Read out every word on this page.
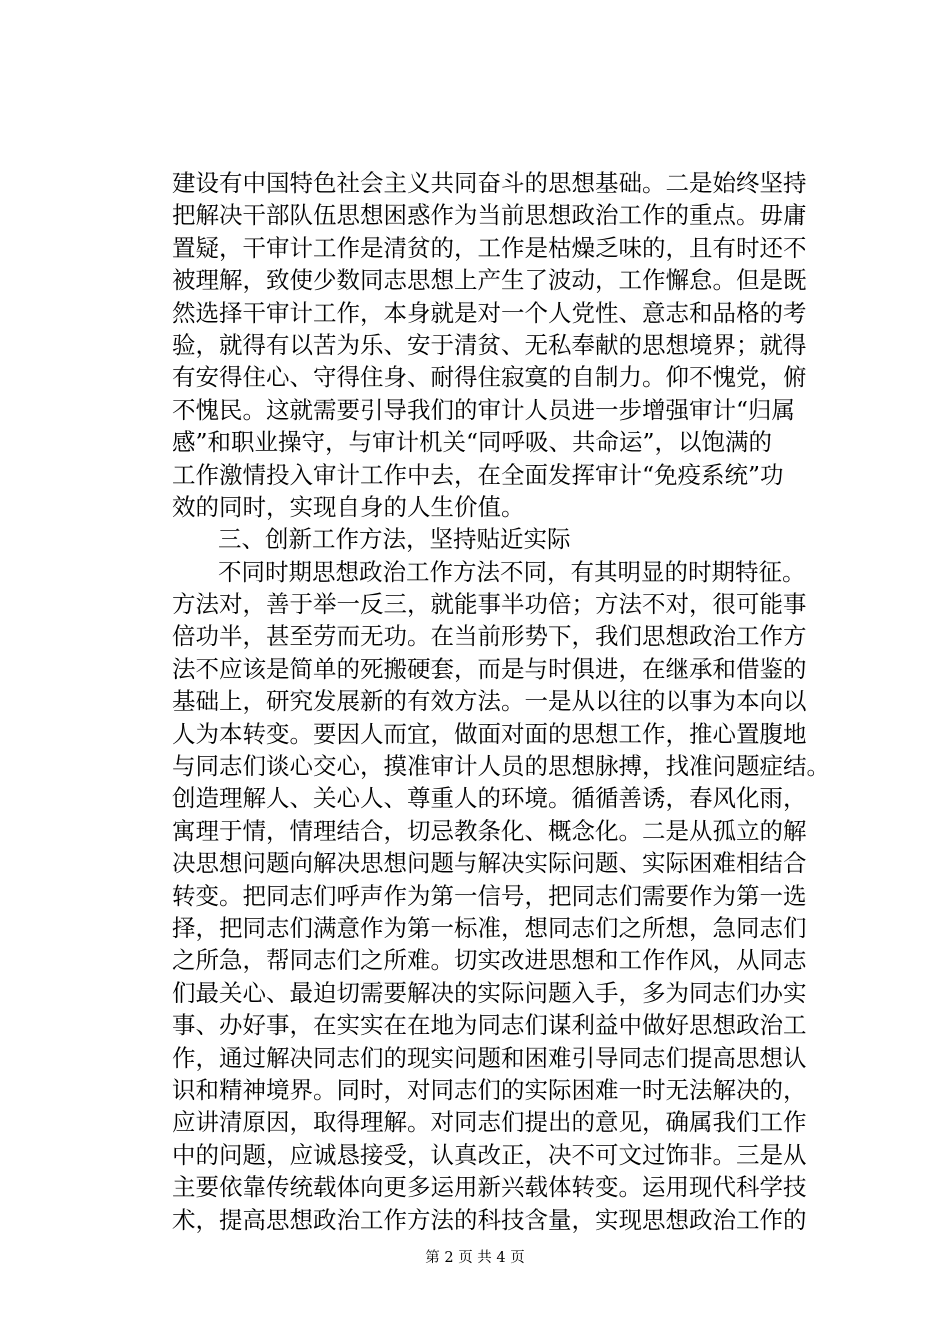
建设有中国特色社会主义共同奋斗的思想基础。二是始终坚持
把解决干部队伍思想困惑作为当前思想政治工作的重点。毋庸
置疑，干审计工作是清贫的，工作是枯燥乏味的，且有时还不
被理解，致使少数同志思想上产生了波动，工作懈怠。但是既
然选择干审计工作，本身就是对一个人党性、意志和品格的考
验，就得有以苦为乐、安于清贫、无私奉献的思想境界；就得
有安得住心、守得住身、耐得住寂寞的自制力。仰不愧党，俯
不愧民。这就需要引导我们的审计人员进一步增强审计“归属
感”和职业操守，与审计机关“同呼吸、共命运”，以饱满的
工作激情投入审计工作中去，在全面发挥审计“免疫系统”功
效的同时，实现自身的人生价值。
三、创新工作方法，坚持贴近实际
不同时期思想政治工作方法不同，有其明显的时期特征。
方法对，善于举一反三，就能事半功倍；方法不对，很可能事
倍功半，甚至劳而无功。在当前形势下，我们思想政治工作方
法不应该是简单的死搬硬套，而是与时俱进，在继承和借鉴的
基础上，研究发展新的有效方法。一是从以往的以事为本向以
人为本转变。要因人而宜，做面对面的思想工作，推心置腹地
与同志们谈心交心，摸准审计人员的思想脉搏，找准问题症结。
创造理解人、关心人、尊重人的环境。循循善诱，春风化雨，
寓理于情，情理结合，切忌教条化、概念化。二是从孤立的解
决思想问题向解决思想问题与解决实际问题、实际困难相结合
转变。把同志们呼声作为第一信号，把同志们需要作为第一选
择，把同志们满意作为第一标准，想同志们之所想，急同志们
之所急，帮同志们之所难。切实改进思想和工作作风，从同志
们最关心、最迫切需要解决的实际问题入手，多为同志们办实
事、办好事，在实实在在地为同志们谋利益中做好思想政治工
作，通过解决同志们的现实问题和困难引导同志们提高思想认
识和精神境界。同时，对同志们的实际困难一时无法解决的，
应讲清原因，取得理解。对同志们提出的意见，确属我们工作
中的问题，应诚恳接受，认真改正，决不可文过饰非。三是从
主要依靠传统载体向更多运用新兴载体转变。运用现代科学技
术，提高思想政治工作方法的科技含量，实现思想政治工作的
第 2 页 共 4 页
